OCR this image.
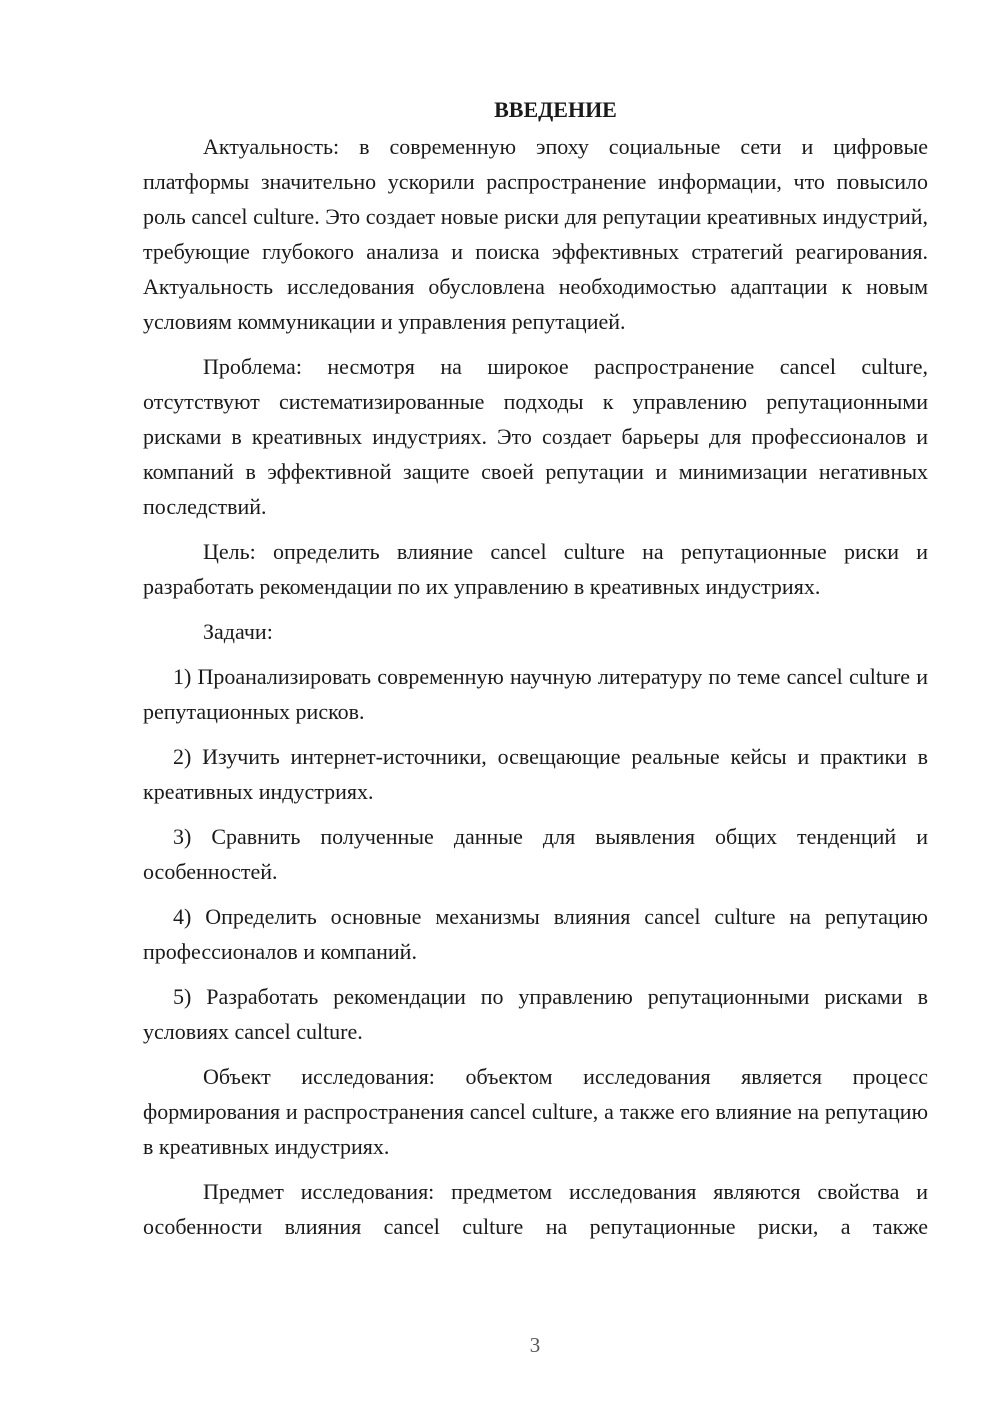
ВВЕДЕНИЕ

Актуальность: в современную эпоху социальные сети и цифровые платформы значительно ускорили распространение информации, что повысило роль cancel culture. Это создает новые риски для репутации креативных индустрий, требующие глубокого анализа и поиска эффективных стратегий реагирования. Актуальность исследования обусловлена необходимостью адаптации к новым условиям коммуникации и управления репутацией.

Проблема: несмотря на широкое распространение cancel culture, отсутствуют систематизированные подходы к управлению репутационными рисками в креативных индустриях. Это создает барьеры для профессионалов и компаний в эффективной защите своей репутации и минимизации негативных последствий.

Цель: определить влияние cancel culture на репутационные риски и разработать рекомендации по их управлению в креативных индустриях.

Задачи:

1) Проанализировать современную научную литературу по теме cancel culture и репутационных рисков.

2) Изучить интернет-источники, освещающие реальные кейсы и практики в креативных индустриях.

3) Сравнить полученные данные для выявления общих тенденций и особенностей.

4) Определить основные механизмы влияния cancel culture на репутацию профессионалов и компаний.

5) Разработать рекомендации по управлению репутационными рисками в условиях cancel culture.

Объект исследования: объектом исследования является процесс формирования и распространения cancel culture, а также его влияние на репутацию в креативных индустриях.

Предмет исследования: предметом исследования являются свойства и особенности влияния cancel culture на репутационные риски, а также

3
